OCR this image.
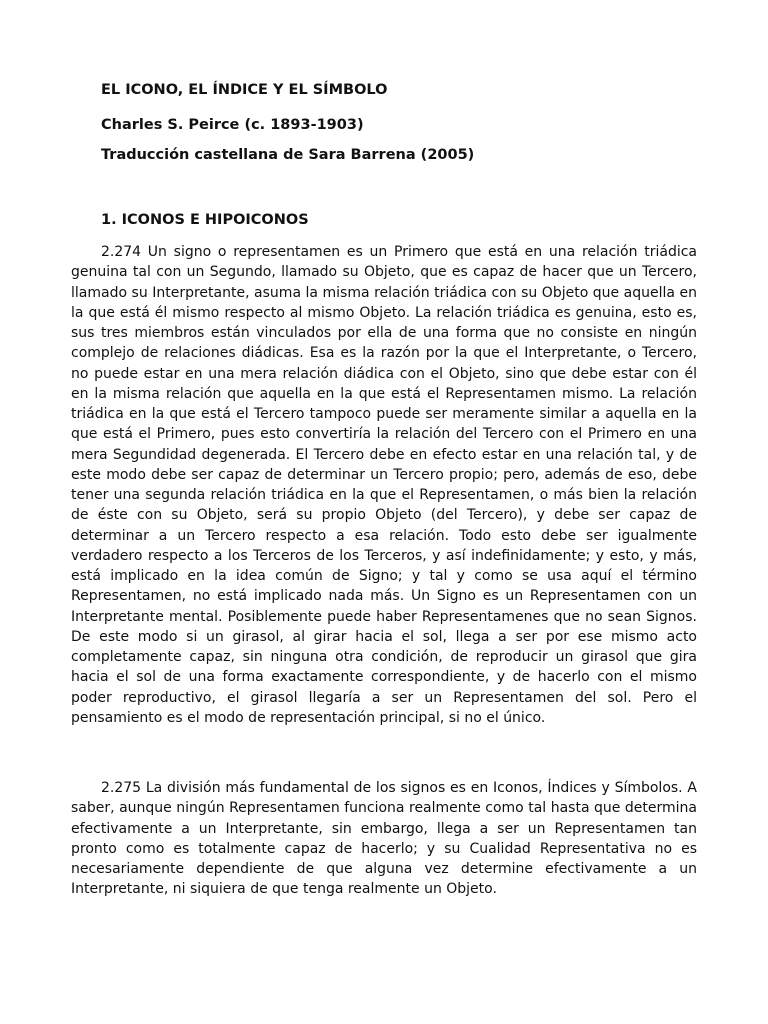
EL ICONO, EL ÍNDICE Y EL SÍMBOLO

Charles S. Peirce (c. 1893-1903)

Traducción castellana de Sara Barrena (2005)

1. ICONOS E HIPOICONOS

2.274 Un signo o representamen es un Primero que está en una relación triádica genuina tal con un Segundo, llamado su Objeto, que es capaz de hacer que un Tercero, llamado su Interpretante, asuma la misma relación triádica con su Objeto que aquella en la que está él mismo respecto al mismo Objeto. La relación triádica es genuina, esto es, sus tres miembros están vinculados por ella de una forma que no consiste en ningún complejo de relaciones diádicas. Esa es la razón por la que el Interpretante, o Tercero, no puede estar en una mera relación diádica con el Objeto, sino que debe estar con él en la misma relación que aquella en la que está el Representamen mismo. La relación triádica en la que está el Tercero tampoco puede ser meramente similar a aquella en la que está el Primero, pues esto convertiría la relación del Tercero con el Primero en una mera Segundidad degenerada. El Tercero debe en efecto estar en una relación tal, y de este modo debe ser capaz de determinar un Tercero propio; pero, además de eso, debe tener una segunda relación triádica en la que el Representamen, o más bien la relación de éste con su Objeto, será su propio Objeto (del Tercero), y debe ser capaz de determinar a un Tercero respecto a esa relación. Todo esto debe ser igualmente verdadero respecto a los Terceros de los Terceros, y así indefinidamente; y esto, y más, está implicado en la idea común de Signo; y tal y como se usa aquí el término Representamen, no está implicado nada más. Un Signo es un Representamen con un Interpretante mental. Posiblemente puede haber Representamenes que no sean Signos. De este modo si un girasol, al girar hacia el sol, llega a ser por ese mismo acto completamente capaz, sin ninguna otra condición, de reproducir un girasol que gira hacia el sol de una forma exactamente correspondiente, y de hacerlo con el mismo poder reproductivo, el girasol llegaría a ser un Representamen del sol. Pero el pensamiento es el modo de representación principal, si no el único.

2.275 La división más fundamental de los signos es en Iconos, Índices y Símbolos. A saber, aunque ningún Representamen funciona realmente como tal hasta que determina efectivamente a un Interpretante, sin embargo, llega a ser un Representamen tan pronto como es totalmente capaz de hacerlo; y su Cualidad Representativa no es necesariamente dependiente de que alguna vez determine efectivamente a un Interpretante, ni siquiera de que tenga realmente un Objeto.
